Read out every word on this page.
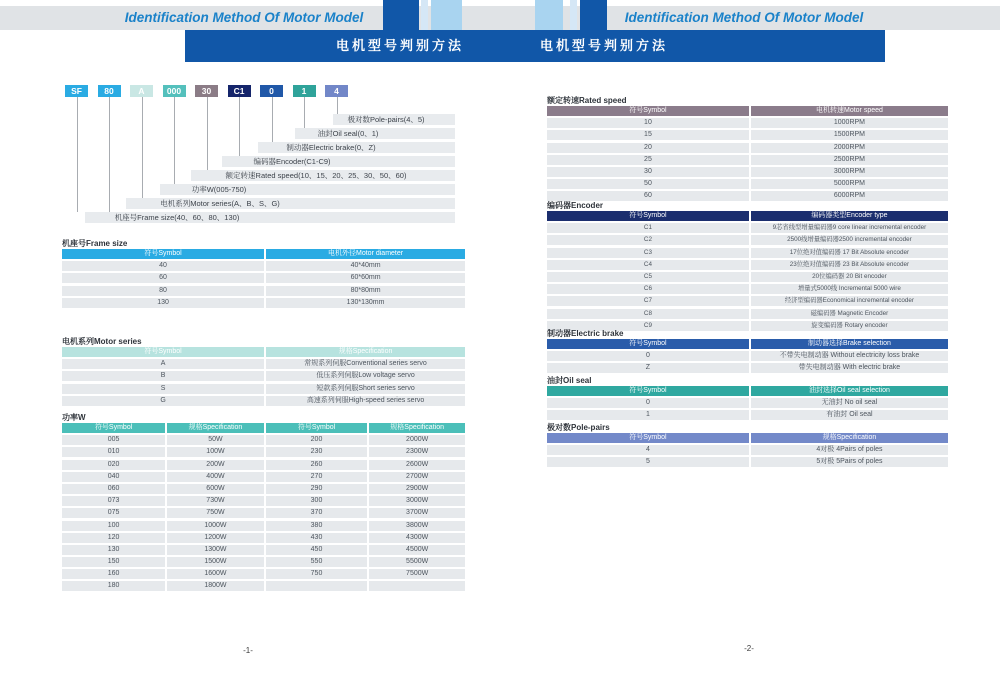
Identification Method Of Motor Model	Identification Method Of Motor Model
电机型号判别方法	电机型号判别方法
SF	80	A	000	30	C1	0	1	4
极对数Pole-pairs(4、5)
油封Oil seal(0、1)
制动器Electric brake(0、Z)
编码器Encoder(C1-C9)
额定转速Rated speed(10、15、20、25、30、50、60)
功率W(005-750)
电机系列Motor series(A、B、S、G)
机座号Frame size(40、60、80、130)
机座号Frame size
符号Symbol	电机外径Motor diameter
40	40*40mm
60	60*60mm
80	80*80mm
130	130*130mm
电机系列Motor series
符号Symbol	规格Specification
A	常规系列伺服Conventional series servo
B	低压系列伺服Low voltage servo
S	短款系列伺服Short series servo
G	高速系列伺服High-speed series servo
功率W
符号Symbol	规格Specification	符号Symbol	规格Specification
005	50W	200	2000W
010	100W	230	2300W
020	200W	260	2600W
040	400W	270	2700W
060	600W	290	2900W
073	730W	300	3000W
075	750W	370	3700W
100	1000W	380	3800W
120	1200W	430	4300W
130	1300W	450	4500W
150	1500W	550	5500W
160	1600W	750	7500W
180	1800W
额定转速Rated speed
符号Symbol	电机转速Motor speed
10	1000RPM
15	1500RPM
20	2000RPM
25	2500RPM
30	3000RPM
50	5000RPM
60	6000RPM
编码器Encoder
符号Symbol	编码器类型Encoder type
C1	9芯省线型增量编码器9 core linear incremental encoder
C2	2500线增量编码器2500 incremental encoder
C3	17位绝对值编码器 17 Bit Absolute encoder
C4	23位绝对值编码器 23 Bit Absolute encoder
C5	20位编码器 20 Bit encoder
C6	增量式5000线 Incremental 5000 wire
C7	经济型编码器Economical incremental encoder
C8	磁编码器 Magnetic Encoder
C9	旋变编码器 Rotary encoder
制动器Electric brake
符号Symbol	制动器选择Brake selection
0	不带失电制动器 Without electricity loss brake
Z	带失电制动器 With electric brake
油封Oil seal
符号Symbol	油封选择Oil seal selection
0	无油封 No oil seal
1	有油封 Oil seal
极对数Pole-pairs
符号Symbol	规格Specification
4	4对极 4Pairs of poles
5	5对极 5Pairs of poles
-1-	-2-
